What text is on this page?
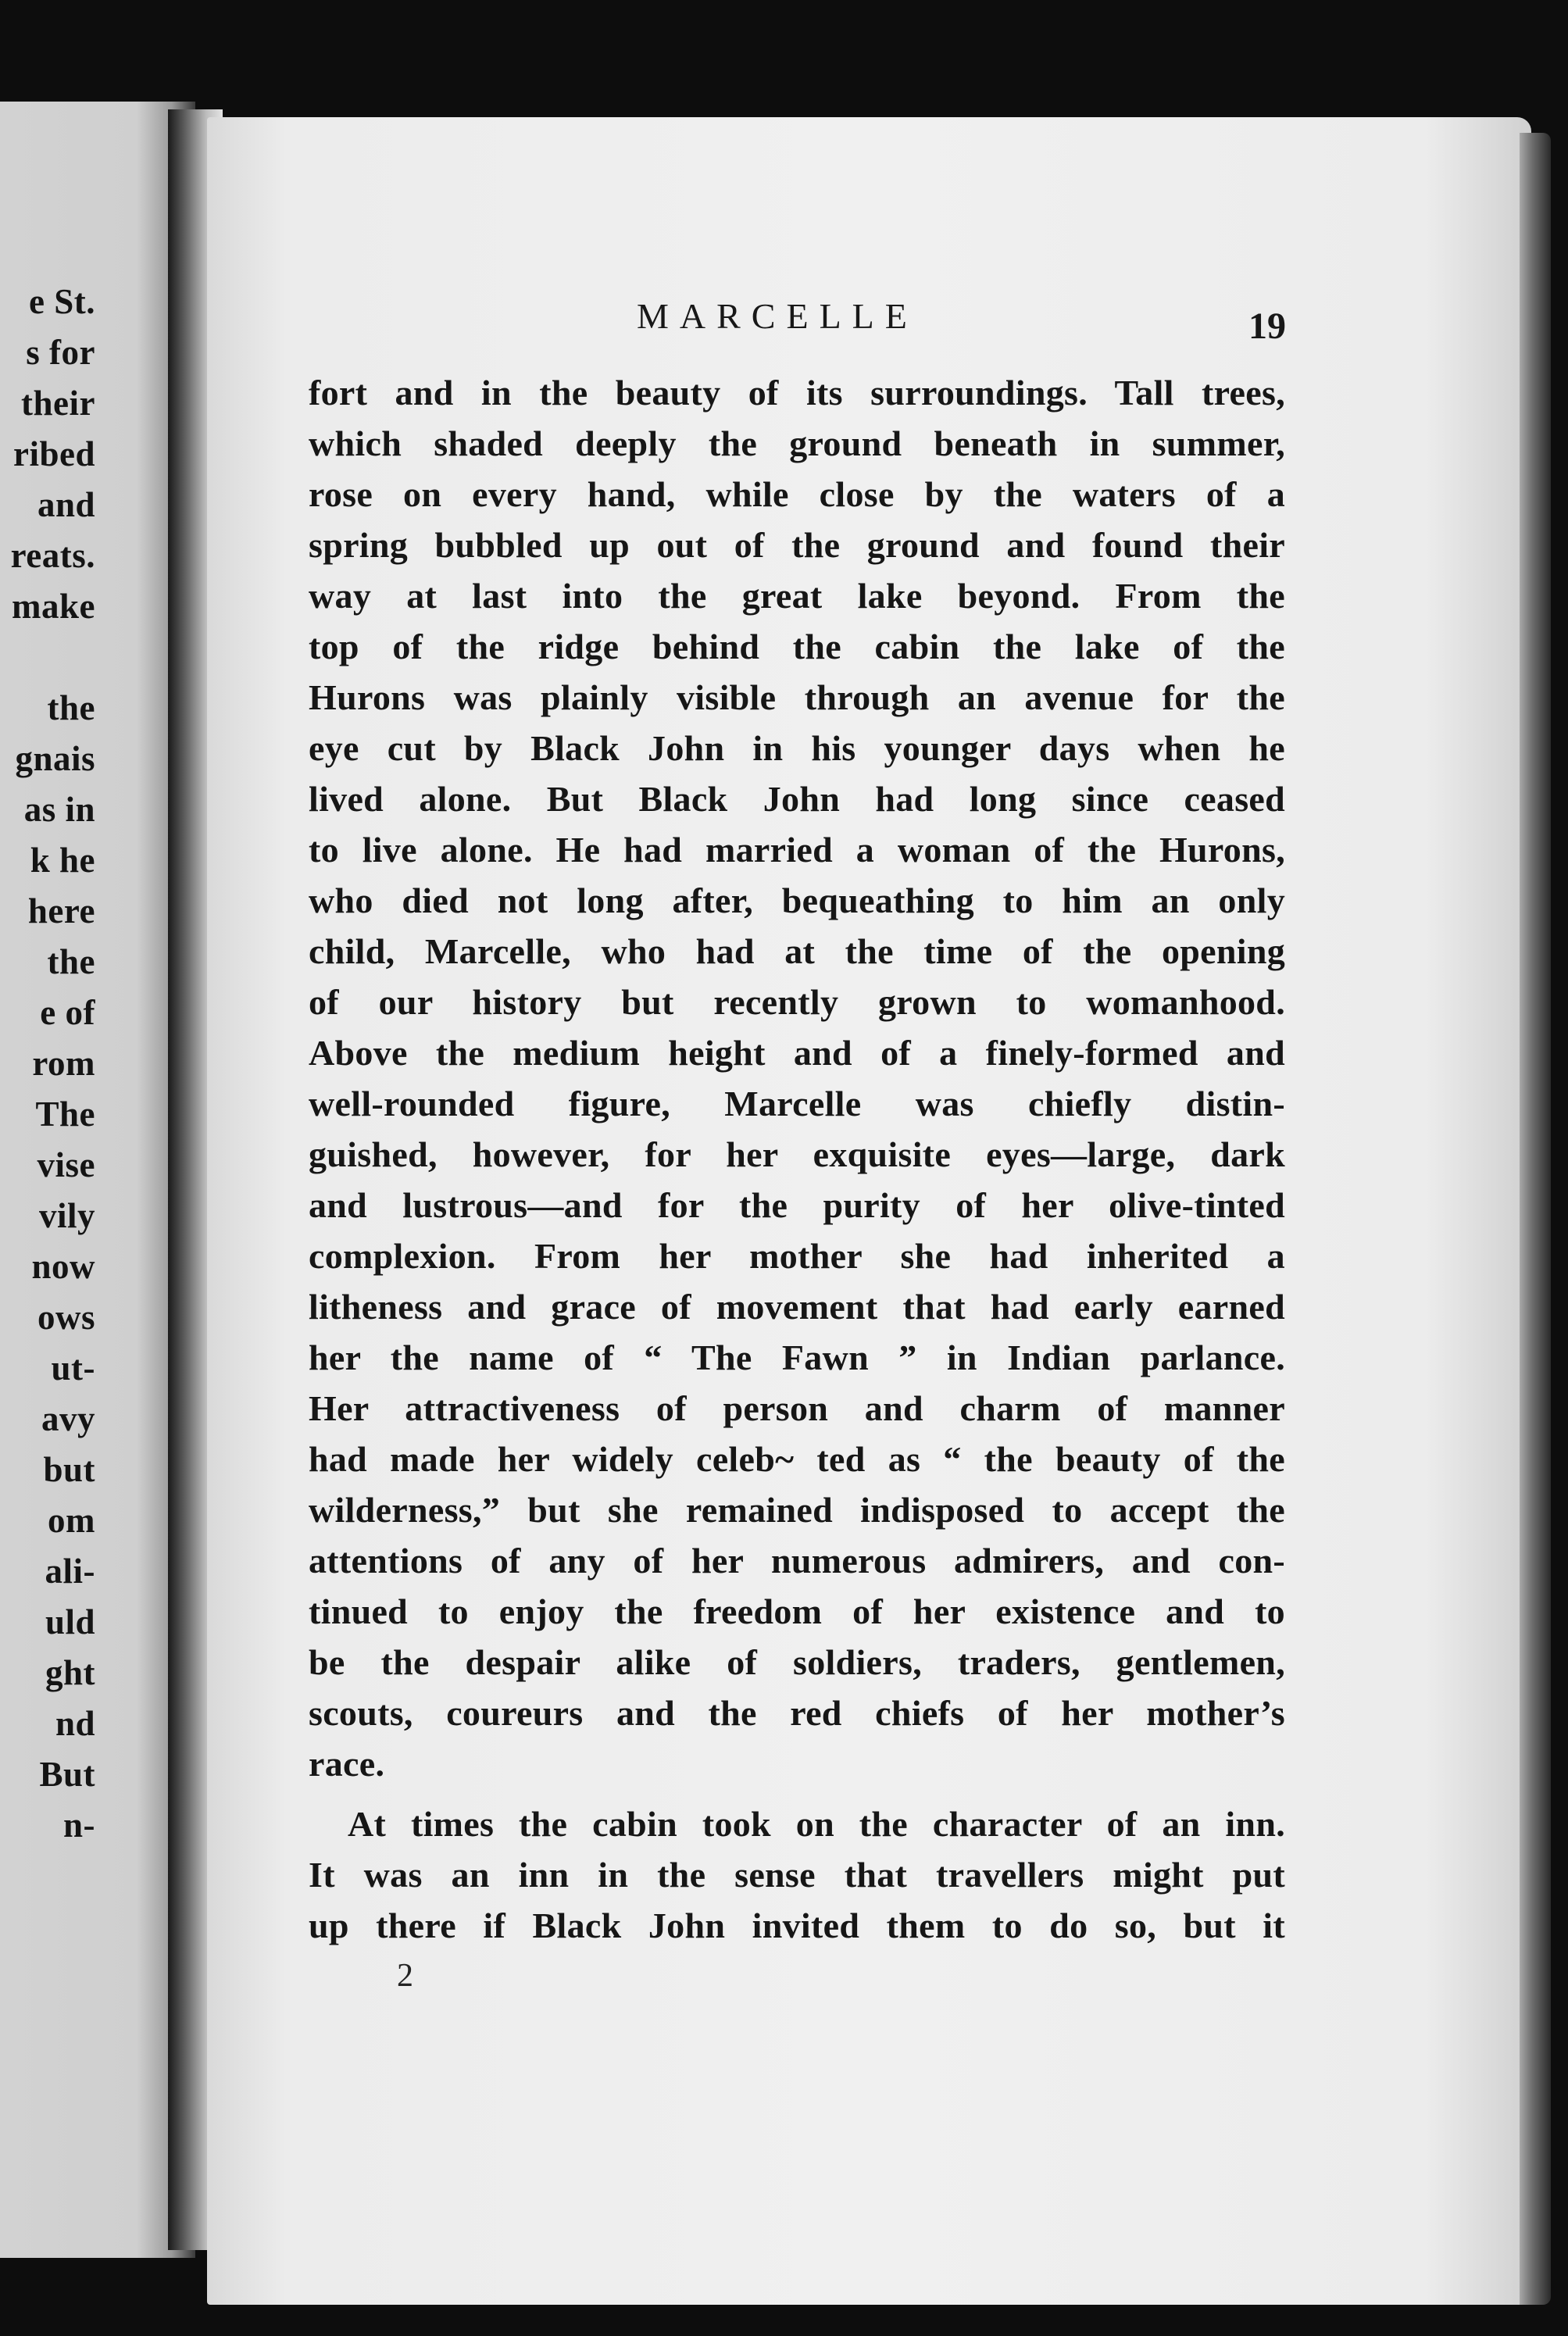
e St.
s for
their
ribed
and
reats.
make
the
gnais
as in
k he
here
the
e of
rom
The
vise
vily
now
ows
ut-
avy
but
om
ali-
uld
ght
nd
But
n-
MARCELLE	19
fort and in the beauty of its surroundings. Tall trees,
which shaded deeply the ground beneath in summer,
rose on every hand, while close by the waters of a
spring bubbled up out of the ground and found their
way at last into the great lake beyond. From the
top of the ridge behind the cabin the lake of the
Hurons was plainly visible through an avenue for the
eye cut by Black John in his younger days when he
lived alone. But Black John had long since ceased
to live alone. He had married a woman of the Hurons,
who died not long after, bequeathing to him an only
child, Marcelle, who had at the time of the opening
of our history but recently grown to womanhood.
Above the medium height and of a finely-formed and
well-rounded figure, Marcelle was chiefly distin-
guished, however, for her exquisite eyes—large, dark
and lustrous—and for the purity of her olive-tinted
complexion. From her mother she had inherited a
litheness and grace of movement that had early earned
her the name of “ The Fawn ” in Indian parlance.
Her attractiveness of person and charm of manner
had made her widely celeb~ ted as “ the beauty of the
wilderness,” but she remained indisposed to accept the
attentions of any of her numerous admirers, and con-
tinued to enjoy the freedom of her existence and to
be the despair alike of soldiers, traders, gentlemen,
scouts, coureurs and the red chiefs of her mother’s
race.
At times the cabin took on the character of an inn.
It was an inn in the sense that travellers might put
up there if Black John invited them to do so, but it
2
